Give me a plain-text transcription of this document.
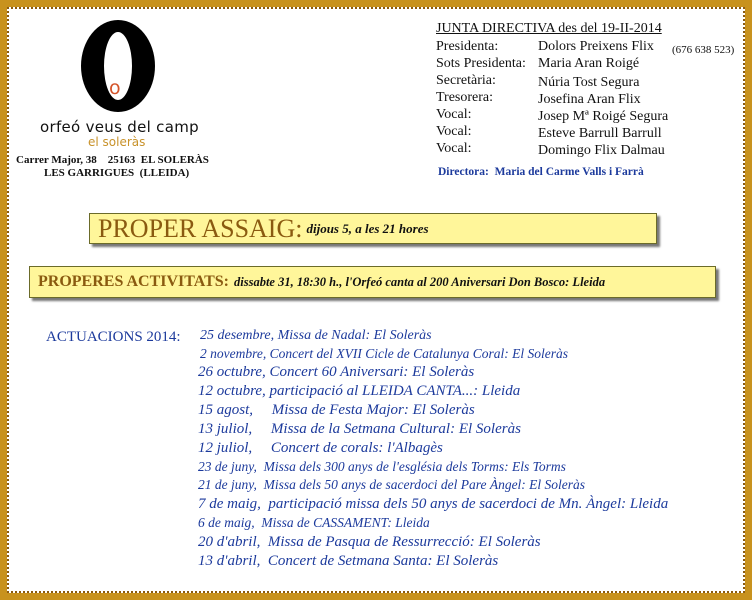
o
orfeó veus del camp
el soleràs
Carrer Major, 38    25163  EL SOLERÀS
LES GARRIGUES  (LLEIDA)
JUNTA DIRECTIVA des del 19-II-2014
Presidenta:	Dolors Preixens Flix (676 638 523)
Sots Presidenta: Maria Aran Roigé
Secretària:	Núria Tost Segura
Tresorera:	Josefina Aran Flix
Vocal:	Josep Mª Roigé Segura
Vocal:	Esteve Barrull Barrull
Vocal:	Domingo Flix Dalmau
Directora:  Maria del Carme Valls i Farrà
PROPER ASSAIG: dijous 5, a les 21 hores
PROPERES ACTIVITATS: dissabte 31, 18:30 h., l'Orfeó canta al 200 Aniversari Don Bosco: Lleida
ACTUACIONS 2014: 25 desembre, Missa de Nadal: El Soleràs
2 novembre, Concert del XVII Cicle de Catalunya Coral: El Soleràs
26 octubre, Concert 60 Aniversari: El Soleràs
12 octubre, participació al LLEIDA CANTA...: Lleida
15 agost,     Missa de Festa Major: El Soleràs
13 juliol,     Missa de la Setmana Cultural: El Soleràs
12 juliol,     Concert de corals: l'Albagès
23 de juny,  Missa dels 300 anys de l'església dels Torms: Els Torms
21 de juny,  Missa dels 50 anys de sacerdoci del Pare Àngel: El Soleràs
7 de maig,  participació missa dels 50 anys de sacerdoci de Mn. Àngel: Lleida
6 de maig,  Missa de CASSAMENT: Lleida
20 d'abril,  Missa de Pasqua de Ressurrecció: El Soleràs
13 d'abril,  Concert de Setmana Santa: El Soleràs
